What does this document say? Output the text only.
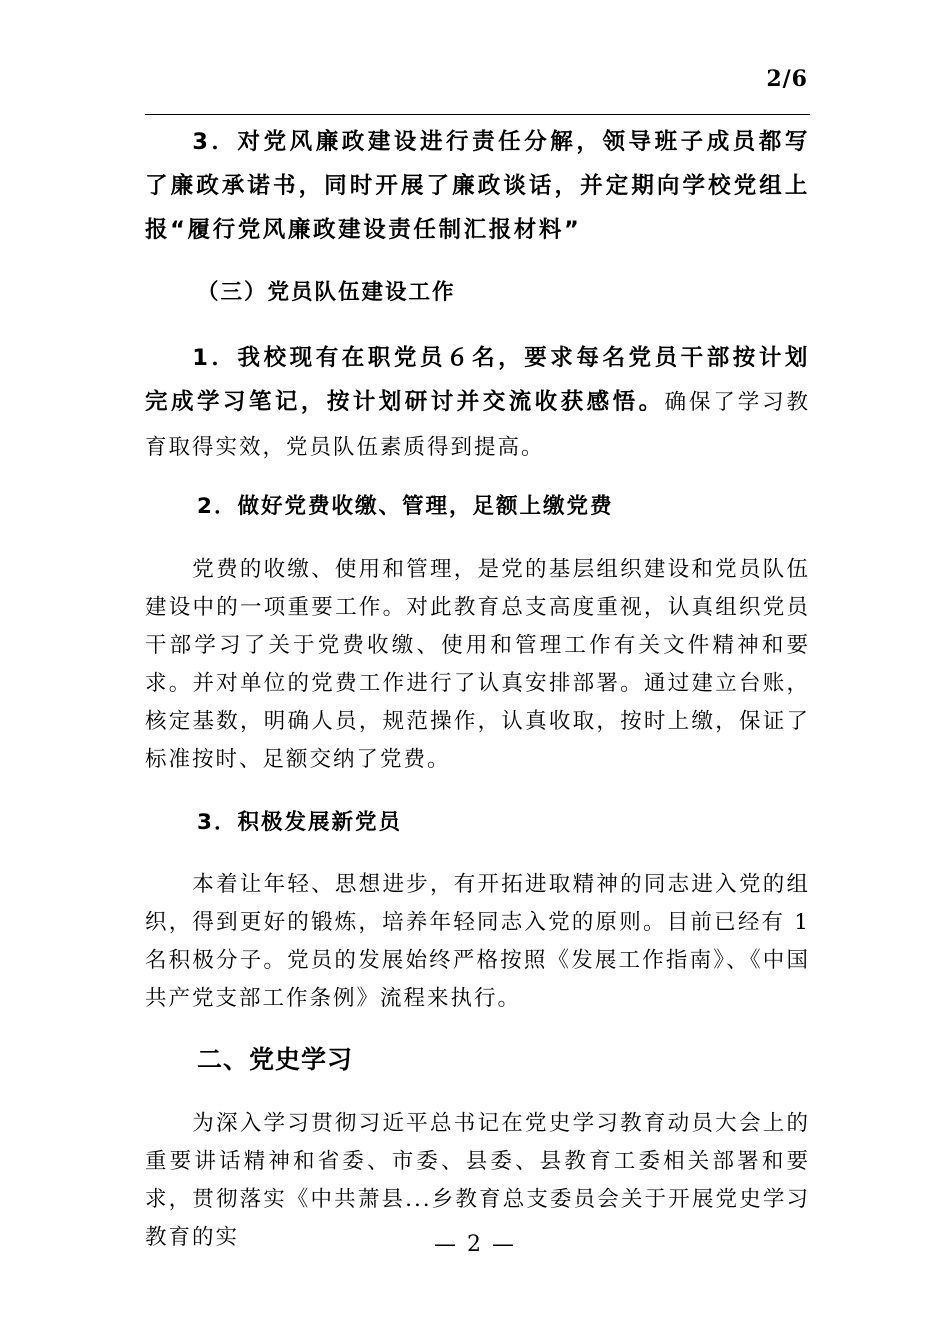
2/6

3．对党风廉政建设进行责任分解，领导班子成员都写了廉政承诺书，同时开展了廉政谈话，并定期向学校党组上报“履行党风廉政建设责任制汇报材料”

（三）党员队伍建设工作

1．我校现有在职党员６名，要求每名党员干部按计划完成学习笔记，按计划研讨并交流收获感悟。确保了学习教育取得实效，党员队伍素质得到提高。

2．做好党费收缴、管理，足额上缴党费

党费的收缴、使用和管理，是党的基层组织建设和党员队伍建设中的一项重要工作。对此教育总支高度重视，认真组织党员干部学习了关于党费收缴、使用和管理工作有关文件精神和要求。并对单位的党费工作进行了认真安排部署。通过建立台账，核定基数，明确人员，规范操作，认真收取，按时上缴，保证了标准按时、足额交纳了党费。

3．积极发展新党员

本着让年轻、思想进步，有开拓进取精神的同志进入党的组织，得到更好的锻炼，培养年轻同志入党的原则。目前已经有 1 名积极分子。党员的发展始终严格按照《发展工作指南》、《中国共产党支部工作条例》流程来执行。

二、党史学习

为深入学习贯彻习近平总书记在党史学习教育动员大会上的重要讲话精神和省委、市委、县委、县教育工委相关部署和要求，贯彻落实《中共萧县...乡教育总支委员会关于开展党史学习教育的实	— 2 —
